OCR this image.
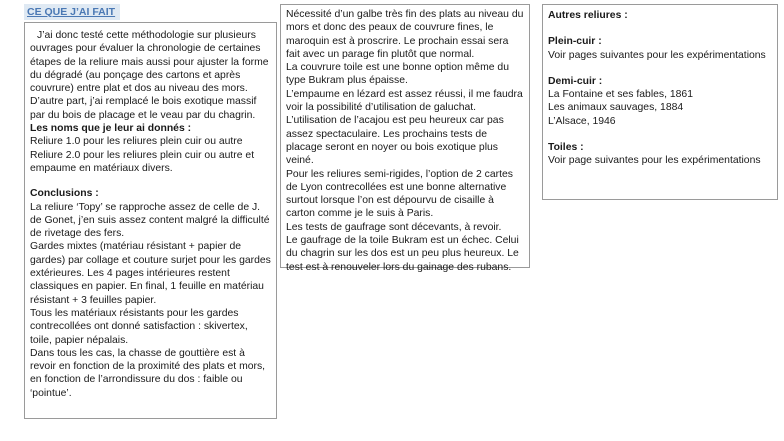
CE QUE J’AI FAIT

J’ai donc testé cette méthodologie sur plusieurs ouvrages pour évaluer la chronologie de certaines étapes de la reliure mais aussi pour ajuster la forme du dégradé (au ponçage des cartons et après couvrure) entre plat et dos au niveau des mors. D’autre part, j’ai remplacé le bois exotique massif par du bois de placage et le veau par du chagrin.

Les noms que je leur ai donnés :

Reliure 1.0 pour les reliures plein cuir ou autre

Reliure 2.0 pour les reliures plein cuir ou autre et empaume en matériaux divers.

Conclusions :

La reliure ‘Topy’ se rapproche assez de celle de J. de Gonet, j’en suis assez content malgré la difficulté de rivetage des fers.

Gardes mixtes (matériau résistant + papier de gardes) par collage et couture surjet pour les gardes extérieures. Les 4 pages intérieures restent classiques en papier. En final, 1 feuille en matériau résistant + 3 feuilles papier.

Tous les matériaux résistants pour les gardes contrecollées ont donné satisfaction : skivertex, toile, papier népalais.

Dans tous les cas, la chasse de gouttière est à revoir en fonction de la proximité des plats et mors, en fonction de l’arrondissure du dos : faible ou ‘pointue’.

Nécessité d’un galbe très fin des plats au niveau du mors et donc des peaux de couvrure fines, le maroquin est à proscrire. Le prochain essai sera fait avec un parage fin plutôt que normal.

La couvrure toile est une bonne option même du type Bukram plus épaisse.

L’empaume en lézard est assez réussi, il me faudra voir la possibilité d’utilisation de galuchat.

L’utilisation de l’acajou est peu heureux car pas assez spectaculaire. Les prochains tests de placage seront en noyer ou bois exotique plus veiné.

Pour les reliures semi-rigides, l’option de 2 cartes de Lyon contrecollées est une bonne alternative surtout lorsque l’on est dépourvu de cisaille à carton comme je le suis à Paris.

Les tests de gaufrage sont décevants, à revoir.

Le gaufrage de la toile Bukram est un échec. Celui du chagrin sur les dos est un peu plus heureux. Le test est à renouveler lors du gainage des rubans.

Autres reliures :

Plein-cuir :

Voir pages suivantes pour les expérimentations

Demi-cuir :

La Fontaine et ses fables, 1861

Les animaux sauvages, 1884

L’Alsace, 1946

Toiles :

Voir page suivantes pour les expérimentations
